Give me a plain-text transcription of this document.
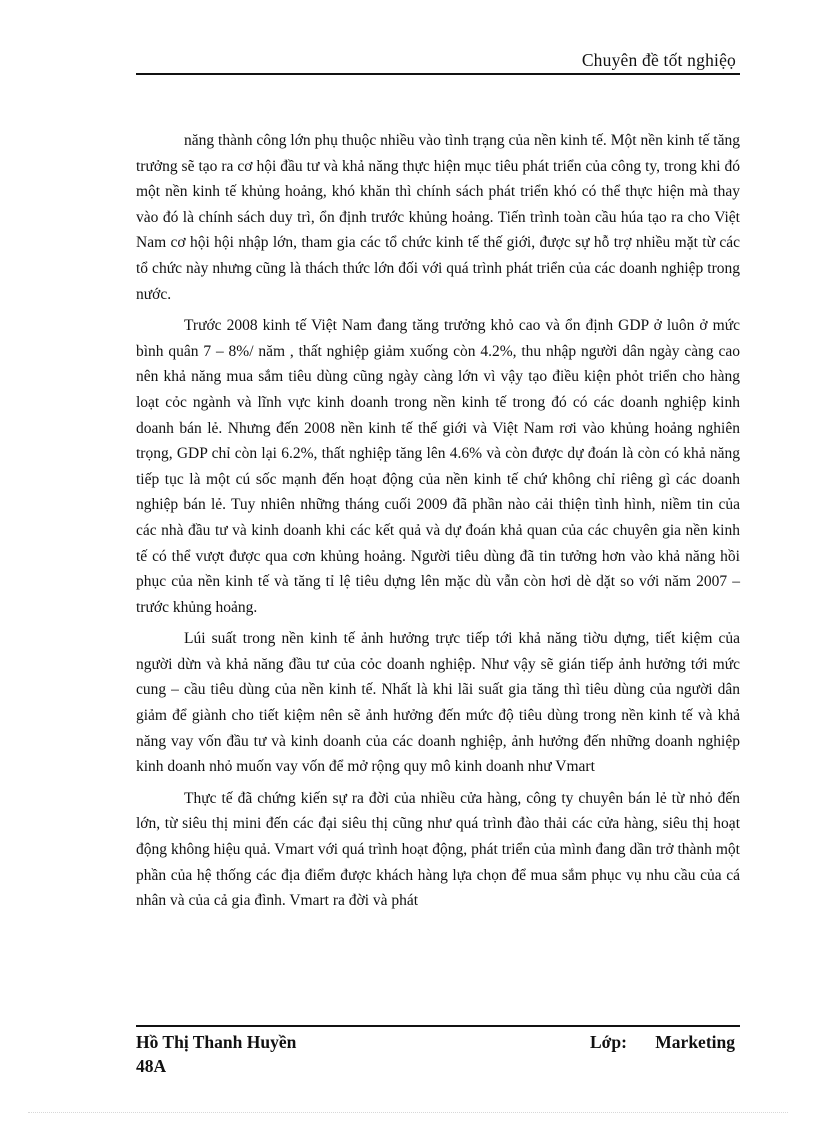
Chuyên đề tốt nghiệọ

năng thành công lớn phụ thuộc nhiều vào tình trạng của nền kinh tế. Một nền kinh tế tăng trưởng sẽ tạo ra cơ hội đầu tư và khả năng thực hiện mục tiêu phát triển của công ty, trong khi đó một nền kinh tế khủng hoảng, khó khăn thì chính sách phát triển khó có thể thực hiện mà thay vào đó là chính sách duy trì, ổn định trước khủng hoảng. Tiến trình toàn cầu húa tạo ra cho Việt Nam cơ hội hội nhập lớn, tham gia các tổ chức kinh tế thế giới, được sự hỗ trợ nhiều mặt từ các tổ chức này nhưng cũng là thách thức lớn đối với quá trình phát triển của các doanh nghiệp trong nước.

Trước 2008 kinh tế Việt Nam đang tăng trưởng khỏ cao và ổn định GDP ở luôn ở mức bình quân 7 – 8%/ năm , thất nghiệp giảm xuống còn 4.2%, thu nhập người dân ngày càng cao nên khả năng mua sắm tiêu dùng cũng ngày càng lớn vì vậy tạo điều kiện phỏt triển cho hàng loạt cỏc ngành và lĩnh vực kinh doanh trong nền kinh tế trong đó có các doanh nghiệp kinh doanh bán lẻ. Nhưng đến 2008 nền kinh tế thế giới và Việt Nam rơi vào khủng hoảng nghiên trọng, GDP chỉ còn lại 6.2%, thất nghiệp tăng lên 4.6% và còn được dự đoán là còn có khả năng tiếp tục là một cú sốc mạnh đến hoạt động của nền kinh tế chứ không chỉ riêng gì các doanh nghiệp bán lẻ. Tuy nhiên những tháng cuối 2009 đã phần nào cải thiện tình hình, niềm tin của các nhà đầu tư và kinh doanh khi các kết quả và dự đoán khả quan của các chuyên gia nền kinh tế có thể vượt được qua cơn khủng hoảng. Người tiêu dùng đã tin tưởng hơn vào khả năng hồi phục của nền kinh tế và tăng tỉ lệ tiêu dựng lên mặc dù vẫn còn hơi dè dặt so với năm 2007 – trước khủng hoảng.

Lúi suất trong nền kinh tế ảnh hưởng trực tiếp tới khả năng tiờu dựng, tiết kiệm của người dừn và khả năng đầu tư của cỏc doanh nghiệp. Như vậy sẽ gián tiếp ảnh hưởng tới mức cung – cầu tiêu dùng của nền kinh tế. Nhất là khi lãi suất gia tăng thì tiêu dùng của người dân giảm để giành cho tiết kiệm nên sẽ ảnh hưởng đến mức độ tiêu dùng trong nền kinh tế và khả năng vay vốn đầu tư và kinh doanh của các doanh nghiệp, ảnh hưởng đến những doanh nghiệp kinh doanh nhỏ muốn vay vốn để mở rộng quy mô kinh doanh như Vmart

Thực tế đã chứng kiến sự ra đời của nhiều cửa hàng, công ty chuyên bán lẻ từ nhỏ đến lớn, từ siêu thị mini đến các đại siêu thị cũng như quá trình đào thải các cửa hàng, siêu thị hoạt động không hiệu quả. Vmart với quá trình hoạt động, phát triển của mình đang dần trở thành một phần của hệ thống các địa điểm được khách hàng lựa chọn để mua sắm phục vụ nhu cầu của cá nhân và của cả gia đình. Vmart ra đời và phát

Hồ Thị Thanh Huyền	Lớp: Marketing
48A
